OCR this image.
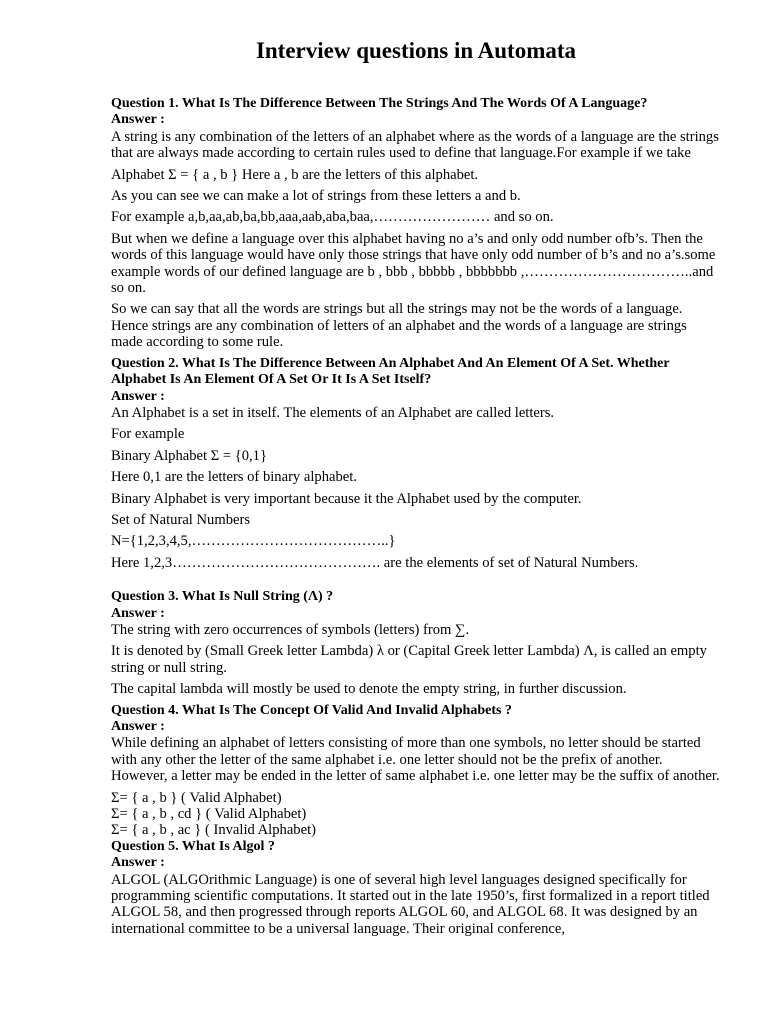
Interview questions in Automata
Question 1. What Is The Difference Between The Strings And The Words Of A Language?
Answer :

A string is any combination of the letters of an alphabet where as the words of a language are the strings that are always made according to certain rules used to define that language.For example if we take

Alphabet Σ = { a , b } Here a , b are the letters of this alphabet.

As you can see we can make a lot of strings from these letters a and b.

For example a,b,aa,ab,ba,bb,aaa,aab,aba,baa,…………………… and so on.

But when we define a language over this alphabet having no a’s and only odd number ofb’s. Then the words of this language would have only those strings that have only odd number of b’s and no a’s.some example words of our defined language are b , bbb , bbbbb , bbbbbbb ,……………………………..and so on.

So we can say that all the words are strings but all the strings may not be the words of a language. Hence strings are any combination of letters of an alphabet and the words of a language are strings made according to some rule.

Question 2. What Is The Difference Between An Alphabet And An Element Of A Set. Whether Alphabet Is An Element Of A Set Or It Is A Set Itself?
Answer :

An Alphabet is a set in itself. The elements of an Alphabet are called letters.

For example

Binary Alphabet Σ = {0,1}

Here 0,1 are the letters of binary alphabet.

Binary Alphabet is very important because it the Alphabet used by the computer.

Set of Natural Numbers

N={1,2,3,4,5,…………………………………..}

Here 1,2,3……………………………………. are the elements of set of Natural Numbers.

Question 3. What Is Null String (Λ) ?
Answer :

The string with zero occurrences of symbols (letters) from ∑.

It is denoted by (Small Greek letter Lambda) λ or (Capital Greek letter Lambda) Λ, is called an empty string or null string.

The capital lambda will mostly be used to denote the empty string, in further discussion.

Question 4. What Is The Concept Of Valid And Invalid Alphabets ?
Answer :

While defining an alphabet of letters consisting of more than one symbols, no letter should be started with any other the letter of the same alphabet i.e. one letter should not be the prefix of another. However, a letter may be ended in the letter of same alphabet i.e. one letter may be the suffix of another.

Σ= { a , b } ( Valid Alphabet)

Σ= { a , b , cd } ( Valid Alphabet)

Σ= { a , b , ac } ( Invalid Alphabet)

Question 5. What Is Algol ?
Answer :

ALGOL (ALGOrithmic Language) is one of several high level languages designed specifically for programming scientific computations. It started out in the late 1950’s, first formalized in a report titled ALGOL 58, and then progressed through reports ALGOL 60, and ALGOL 68. It was designed by an international committee to be a universal language. Their original conference,
